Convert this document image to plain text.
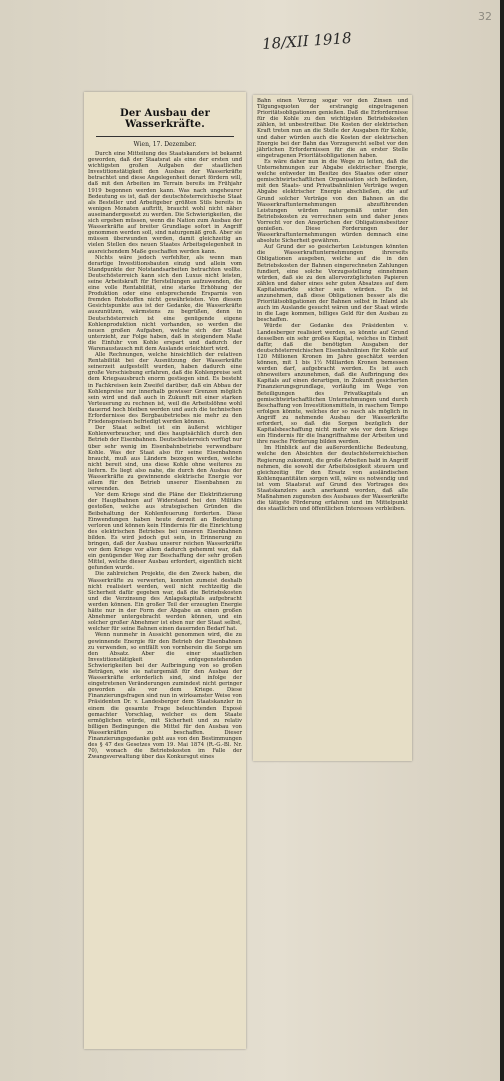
32
18/XII 1918
Der Ausbau der Wasserkräfte.
Wien, 17. Dezember.

Durch eine Mitteilung des Staatskanzlers ist bekannt geworden, daß der Staatsrat als eine der ersten und wichtigsten großen Aufgaben der staatlichen Investitionstätigkeit den Ausbau der Wasserkräfte betrachtet und diese Angelegenheit derart fördern will, daß mit den Arbeiten im Terrain bereits im Frühjahr 1919 begonnen werden kann. Was nach ungeheurer Bedeutung es ist, daß der deutschösterreichische Staat als Besteller und Arbeitgeber größten Stils bereits in wenigen Monaten auftritt, braucht wohl nicht näher auseinandergesetzt zu werden. Die Schwierigkeiten, die sich ergeben müssen, wenn die Nation zum Ausbau der Wasserkräfte auf breiter Grundlage sofort in Angriff genommen werden soll, sind naturgemäß groß. Aber sie müssen überwunden werden, damit gleichzeitig an vielen Stellen des neuen Staates Arbeitsgelegenheit in ausreichendem Maße geschaffen werden kann.

Nichts wäre jedoch verfehlter, als wenn man derartige Investitionsbauten einzig und allein vom Standpunkte der Notstandsarbeiten betrachten wollte. Deutschösterreich kann sich den Luxus nicht leisten, seine Arbeitskraft für Herstellungen aufzuwenden, die eine volle Rentabilität, eine starke Erhöhung der Produktion oder eine entsprechende Ersparnis von fremden Rohstoffen nicht gewährleisten. Von diesem Gesichtspunkte aus ist der Gedanke, die Wasserkräfte auszunützen, wärmstens zu begrüßen, denn in Deutschösterreich ist eine genügende eigene Kohlenproduktion nicht vorhanden, so werden die neuen großen Aufgaben, welche sich der Staat unterzieht, zur Folge haben, daß in steigendem Maße die Einfuhr von Kohle erspart und dadurch der Warenaustausch mit dem Auslande erleichtert wird.

Alle Rechnungen, welche hinsichtlich der relativen Rentabilität bei der Ausnützung der Wasserkräfte seinerzeit aufgestellt wurden, haben dadurch eine große Verschiebung erfahren, daß die Kohlenpreise seit dem Kriegsausbruch enorm gestiegen sind. Es besteht in Fachkreisen kein Zweifel darüber, daß ein Abbau der Kohlenpreise nur innerhalb gewisser Grenzen möglich sein wird und daß auch in Zukunft mit einer starken Verteuerung zu rechnen ist, weil die Arbeitslöhne wohl dauernd hoch bleiben werden und auch die technischen Erfordernisse des Bergbaubetriebes nie mehr zu den Friedenspreisen befriedigt werden können.

Der Staat selbst ist ein äußerst wichtiger Kohlenverbraucher, und dies hauptsächlich durch den Betrieb der Eisenbahnen. Deutschösterreich verfügt nur über sehr wenig im Eisenbahnbetriebe verwendbare Kohle. Was der Staat also für seine Eisenbahnen braucht, muß aus Ländern bezogen werden, welche nicht bereit sind, uns diese Kohle ohne weiteres zu liefern. Es liegt also nahe, die durch den Ausbau der Wasserkräfte zu gewinnende elektrische Energie vor allem für den Betrieb unserer Eisenbahnen zu verwenden.

Vor dem Kriege sind die Pläne der Elektrifizierung der Hauptbahnen auf Widerstand bei den Militärs gestoßen, welche aus strategischen Gründen die Beibehaltung der Kohlenfeuerung forderten. Diese Einwendungen haben heute derzeit an Bedeutung verloren und können kein Hindernis für die Einrichtung des elektrischen Betriebes bei unseren Eisenbahnen bilden. Es wird jedoch gut sein, in Erinnerung zu bringen, daß der Ausbau unserer reichen Wasserkräfte vor dem Kriege vor allem dadurch gehemmt war, daß ein genügender Weg zur Beschaffung der sehr großen Mittel, welche dieser Ausbau erfordert, eigentlich nicht gefunden wurde.

Die zahlreichen Projekte, die den Zweck haben, die Wasserkräfte zu verwerten, konnten zumeist deshalb nicht realisiert werden, weil nicht rechtzeitig die Sicherheit dafür gegeben war, daß die Betriebskosten und die Verzinsung des Anlagekapitals aufgebracht werden können. Ein großer Teil der erzeugten Energie hätte nur in der Form der Abgabe an einen großen Abnehmer untergebracht werden können, und ein solcher großer Abnehmer ist eben nur der Staat selbst, welcher für seine Bahnen einen dauernden Bedarf hat.

Wenn nunmehr in Aussicht genommen wird, die zu gewinnende Energie für den Betrieb der Eisenbahnen zu verwenden, so entfällt von vornherein die Sorge um den Absatz. Aber die einer staatlichen Investitionstätigkeit entgegenstehenden Schwierigkeiten bei der Aufbringung von so großen Beträgen, wie sie naturgemäß für den Ausbau der Wasserkräfte erforderlich sind, sind infolge der eingetretenen Veränderungen zumindest nicht geringer geworden als vor dem Kriege. Diese Finanzierungsfragen sind nun in wirksamster Weise von Präsidenten Dr. v. Landesberger dem Staatskanzler in einem die gesamte Frage beleuchtenden Exposé gemachter Vorschlag, welcher es dem Staate ermöglichen würde, mit Sicherheit und zu relativ billigen Bedingungen die Mittel für den Ausbau von Wasserkräften zu beschaffen. Dieser Finanzierungsgedanke geht aus von den Bestimmungen des § 47 des Gesetzes vom 19. Mai 1874 (R.-G.-Bl. Nr. 70), wonach die Betriebskosten im Falle der Zwangsverwaltung über das Konkursgut eines

Bahn einen Vorzug sogar vor den Zinsen und Tilgungsquoten der erstrangig eingetragenen Prioritätsobligationen genießen. Daß die Erfordernisse für die Kohle zu den wichtigsten Betriebskosten zählen, ist unbestreitbar. Die Kosten der elektrischen Kraft treten nun an die Stelle der Ausgaben für Kohle, und daher würden auch die Kosten der elektrischen Energie bei der Bahn das Vorzugsrecht selbst vor den jährlichen Erfordernissen für die an erster Stelle eingetragenen Prioritätsobligationen haben.

Es wäre daher nun in die Wege zu leiten, daß die Unternehmungen zur Abgabe elektrischer Energie, welche entweder im Besitze des Staates oder einer gemischtwirtschaftlichen Organisation sich befänden, mit den Staats- und Privatbahnlinien Verträge wegen Abgabe elektrischer Energie abschließen, die auf Grund solcher Verträge von den Bahnen an die Wasserkraftunternehmungen abzuführenden Leistungen würden naturgemäß unter den Betriebskosten zu verrechnen sein und daher jenes Vorrecht vor den Ansprüchen der Obligationsbesitzer genießen. Diese Forderungen der Wasserkraftunternehmungen würden demnach eine absolute Sicherheit gewähren.

Auf Grund der so gesicherten Leistungen könnten die Wasserkraftunternehmungen ihrerseits Obligationen ausgeben, welche auf die in den Betriebskosten der Bahnen eingerechneten Zahlungen fundiert, eine solche Vorzugsstellung einnehmen würden, daß sie zu den allervorzüglichsten Papieren zählen und daher eines sehr guten Absatzes auf dem Kapitalsmarkte sicher sein würden. Es ist anzunehmen, daß diese Obligationen besser als die Prioritätsobligationen der Bahnen selbst in Inland als auch im Auslande gesucht wären und der Staat würde in die Lage kommen, billiges Geld für den Ausbau zu beschaffen.

Würde der Gedanke des Präsidenten v. Landesberger realisiert werden, so könnte auf Grund desselben ein sehr großes Kapital, welches in Einheit dafür, daß die benötigten Ausgaben der deutschösterreichischen Eisenbahnlinien für Kohle auf 120 Millionen Kronen im Jahre geschätzt werden können, mit 1 bis 1½ Milliarden Kronen bemessen werden darf, aufgebracht werden. Es ist auch ohneweiters anzunehmen, daß die Aufbringung des Kapitals auf einen derartigen, in Zukunft gesicherten Finanzierungsgrundlage, vorläufig im Wege von Beteiligungen des Privatkapitals an gemischtwirtschaftlichen Unternehmungen und durch Beschaffung von Investitionsmitteln, in raschem Tempo erfolgen könnte, welches der so rasch als möglich in Angriff zu nehmende Ausbau der Wasserkräfte erfordert, so daß die Sorgen bezüglich der Kapitalsbeschaffung nicht mehr wie vor dem Kriege ein Hindernis für die Inangriffnahme der Arbeiten und ihre rasche Förderung bilden werden.

Im Hinblick auf die außerordentliche Bedeutung, welche den Absichten der deutschösterreichischen Regierung zukommt, die große Arbeiten bald in Angriff nehmen, die sowohl der Arbeitslosigkeit steuern und gleichzeitig für den Ersatz von ausländischen Kohlenquantitäten sorgen will, wäre es notwendig und ist vom Staatsrat auf Grund des Vortrages des Staatskanzlers auch anerkannt worden, daß alle Maßnahmen zugunsten des Ausbaues der Wasserkräfte die tätigste Förderung erfahren und im Mittelpunkt des staatlichen und öffentlichen Interesses verbleiben.
